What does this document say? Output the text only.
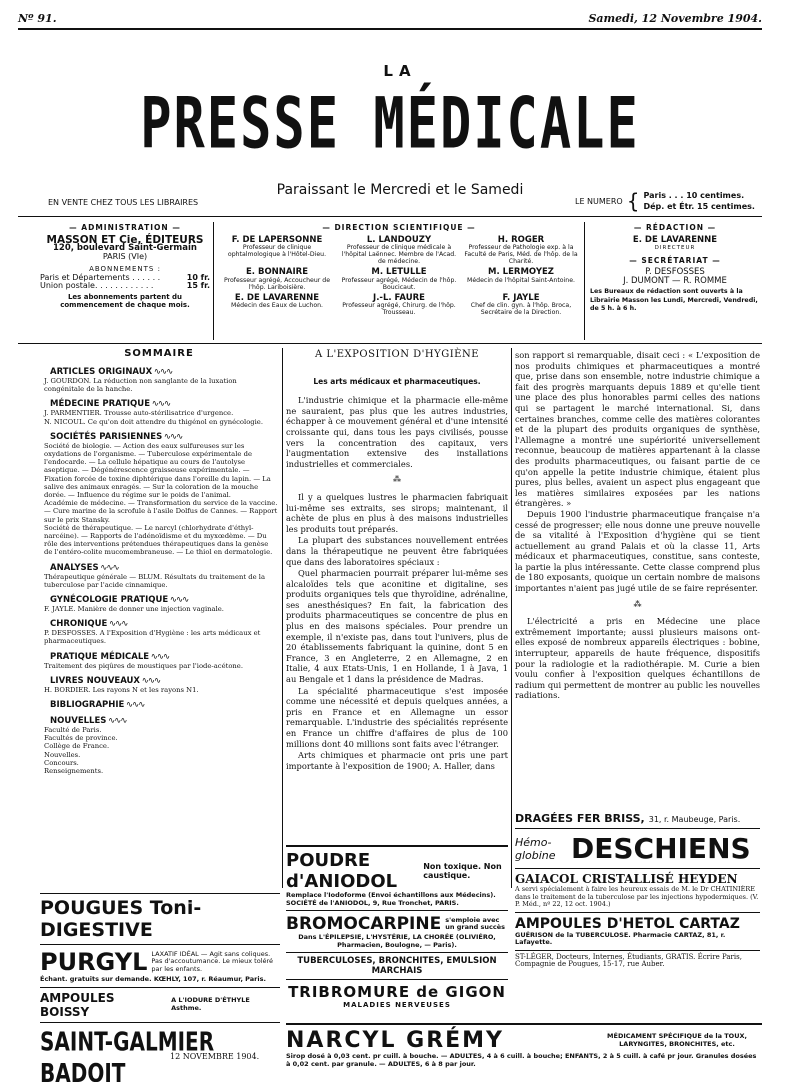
Nº 91.	Samedi, 12 Novembre 1904.
LA
PRESSE MÉDICALE
Paraissant le Mercredi et le Samedi
EN VENTE CHEZ TOUS LES LIBRAIRES	LE NUMERO { Paris . . . 10 centimes.
Dép. et Étr. 15 centimes.
— ADMINISTRATION —
MASSON ET Cie, ÉDITEURS
120, boulevard Saint-Germain
PARIS (VIe)
ABONNEMENTS :
Paris et Départements . . . . . .	10 fr.
Union postale. . . . . . . . . . . .	15 fr.
Les abonnements partent du commencement de chaque mois.
— DIRECTION SCIENTIFIQUE —
F. DE LAPERSONNE
Professeur de clinique ophtalmologique à l'Hôtel-Dieu.
L. LANDOUZY
Professeur de clinique médicale à l'hôpital Laënnec. Membre de l'Acad. de médecine.
H. ROGER
Professeur de Pathologie exp. à la Faculté de Paris, Méd. de l'hôp. de la Charité.
E. BONNAIRE
Professeur agrégé, Accoucheur de l'hôp. Lariboisière.
M. LETULLE
Professeur agrégé, Médecin de l'hôp. Boucicaut.
M. LERMOYEZ
Médecin de l'hôpital Saint-Antoine.
E. DE LAVARENNE
Médecin des Eaux de Luchon.
J.-L. FAURE
Professeur agrégé, Chirurg. de l'hôp. Trousseau.
F. JAYLE
Chef de clin. gyn. à l'hôp. Broca, Secrétaire de la Direction.
— RÉDACTION —
E. DE LAVARENNE
DIRECTEUR
— SECRÉTARIAT —
P. DESFOSSES
J. DUMONT — R. ROMME
Les Bureaux de rédaction sont ouverts à la Librairie Masson les Lundi, Mercredi, Vendredi, de 5 h. à 6 h.
SOMMAIRE
ARTICLES ORIGINAUX ∿∿∿
J. GOURDON. La réduction non sanglante de la luxation congénitale de la hanche.
MÉDECINE PRATIQUE ∿∿∿
J. PARMENTIER. Trousse auto-stérilisatrice d'urgence.
N. NICOUL. Ce qu'on doit attendre du thigénol en gynécologie.
SOCIÉTÉS PARISIENNES ∿∿∿
Société de biologie. — Action des eaux sulfureuses sur les oxydations de l'organisme. — Tuberculose expérimentale de l'endocarde. — La cellule hépatique au cours de l'autolyse aseptique. — Dégénérescence graisseuse expérimentale. — Fixation forcée de toxine diphtérique dans l'oreille du lapin. — La salive des animaux enragés. — Sur la coloration de la mouche dorée. — Influence du régime sur le poids de l'animal.
Académie de médecine. — Transformation du service de la vaccine. — Cure marine de la scrofule à l'asile Dolfus de Cannes. — Rapport sur le prix Stansky.
Société de thérapeutique. — Le narcyl (chlorhydrate d'éthyl-narcéine). — Rapports de l'adénoïdisme et du myxœdème. — Du rôle des interventions prétendues thérapeutiques dans la genèse de l'entéro-colite mucomembraneuse. — Le thiol en dermatologie.
ANALYSES ∿∿∿
Thérapeutique générale — BLUM. Résultats du traitement de la tuberculose par l'acide cinnamique.
GYNÉCOLOGIE PRATIQUE ∿∿∿
F. JAYLE. Manière de donner une injection vaginale.
CHRONIQUE ∿∿∿
P. DESFOSSES. A l'Exposition d'Hygiène : les arts médicaux et pharmaceutiques.
PRATIQUE MÉDICALE ∿∿∿
Traitement des piqûres de moustiques par l'iode-acétone.
LIVRES NOUVEAUX ∿∿∿
H. BORDIER. Les rayons N et les rayons N1.
BIBLIOGRAPHIE ∿∿∿
NOUVELLES ∿∿∿
Faculté de Paris.
Facultés de province.
Collège de France.
Nouvelles.
Concours.
Renseignements.
A L'EXPOSITION D'HYGIÈNE
Les arts médicaux et pharmaceutiques.

L'industrie chimique et la pharmacie elle-même ne sauraient, pas plus que les autres industries, échapper à ce mouvement général et d'une intensité croissante qui, dans tous les pays civilisés, pousse vers la concentration des capitaux, vers l'augmentation extensive des installations industrielles et commerciales.

⁂

Il y a quelques lustres le pharmacien fabriquait lui-même ses extraits, ses sirops; maintenant, il achète de plus en plus à des maisons industrielles les produits tout préparés.

La plupart des substances nouvellement entrées dans la thérapeutique ne peuvent être fabriquées que dans des laboratoires spéciaux :

Quel pharmacien pourrait préparer lui-même ses alcaloïdes tels que aconitine et digitaline, ses produits organiques tels que thyroïdine, adrénaline, ses anesthésiques? En fait, la fabrication des produits pharmaceutiques se concentre de plus en plus en des maisons spéciales. Pour prendre un exemple, il n'existe pas, dans tout l'univers, plus de 20 établissements fabriquant la quinine, dont 5 en France, 3 en Angleterre, 2 en Allemagne, 2 en Italie, 4 aux Etats-Unis, 1 en Hollande, 1 à Java, 1 au Bengale et 1 dans la présidence de Madras.

La spécialité pharmaceutique s'est imposée comme une nécessité et depuis quelques années, a pris en France et en Allemagne un essor remarquable. L'industrie des spécialités représente en France un chiffre d'affaires de plus de 100 millions dont 40 millions sont faits avec l'étranger.

Arts chimiques et pharmacie ont pris une part importante à l'exposition de 1900; A. Haller, dans

son rapport si remarquable, disait ceci : « L'exposition de nos produits chimiques et pharmaceutiques a montré que, prise dans son ensemble, notre industrie chimique a fait des progrès marquants depuis 1889 et qu'elle tient une place des plus honorables parmi celles des nations qui se partagent le marché international. Si, dans certaines branches, comme celle des matières colorantes et de la plupart des produits organiques de synthèse, l'Allemagne a montré une supériorité universellement reconnue, beaucoup de matières appartenant à la classe des produits pharmaceutiques, ou faisant partie de ce qu'on appelle la petite industrie chimique, étaient plus pures, plus belles, avaient un aspect plus engageant que les matières similaires exposées par les nations étrangères. »

Depuis 1900 l'industrie pharmaceutique française n'a cessé de progresser; elle nous donne une preuve nouvelle de sa vitalité à l'Exposition d'hygiène qui se tient actuellement au grand Palais et où la classe 11, Arts médicaux et pharmaceutiques, constitue, sans conteste, la partie la plus intéressante. Cette classe comprend plus de 180 exposants, quoique un certain nombre de maisons importantes n'aient pas jugé utile de se faire représenter.

⁂

L'électricité a pris en Médecine une place extrêmement importante; aussi plusieurs maisons ont-elles exposé de nombreux appareils électriques : bobine, interrupteur, appareils de haute fréquence, dispositifs pour la radiologie et la radiothérapie. M. Curie a bien voulu confier à l'exposition quelques échantillons de radium qui permettent de montrer au public les nouvelles radiations.

POUGUES Toni-DIGESTIVE
PURGYL LAXATIF IDÉAL — Agit sans coliques. Pas d'accoutumance. Le mieux toléré par les enfants.
Échant. gratuits sur demande. KŒHLY, 107, r. Réaumur, Paris.
AMPOULES BOISSY
A L'IODURE D'ÉTHYLE Asthme.
SAINT-GALMIER BADOIT
POUDRE d'ANIODOL
Non toxique. Non caustique.
Remplace l'Iodoforme (Envoi échantillons aux Médecins). SOCIÉTÉ de l'ANIODOL, 9, Rue Tronchet, PARIS.
BROMOCARPINE s'emploie avec un grand succès
Dans L'ÉPILEPSIE, L'HYSTÉRIE, LA CHORÉE (OLIVIÉRO, Pharmacien, Boulogne, — Paris).
TUBERCULOSES, BRONCHITES, EMULSION MARCHAIS
TRIBROMURE de GIGON
MALADIES NERVEUSES
DRAGÉES FER BRISS, 31, r. Maubeuge, Paris.
Hémo-globine DESCHIENS
GAIACOL CRISTALLISÉ HEYDEN
A servi spécialement à faire les heureux essais de M. le Dr CHATINIÈRE dans le traitement de la tuberculose par les injections hypodermiques. (V. P. Méd., nº 22, 12 oct. 1904.)
AMPOULES D'HETOL CARTAZ
GUÉRISON de la TUBERCULOSE. Pharmacie CARTAZ, 81, r. Lafayette.
ST-LÉGER, Docteurs, Internes, Étudiants, GRATIS. Écrire Paris, Compagnie de Pougues, 15-17, rue Auber.
NARCYL GRÉMY	MÉDICAMENT SPÉCIFIQUE de la TOUX, LARYNGITES, BRONCHITES, etc.
Sirop dosé à 0,03 cent. pr cuill. à bouche. — ADULTES, 4 à 6 cuill. à bouche; ENFANTS, 2 à 5 cuill. à café pr jour. Granules dosées à 0,02 cent. par granule. — ADULTES, 6 à 8 par jour.
12 NOVEMBRE 1904.
